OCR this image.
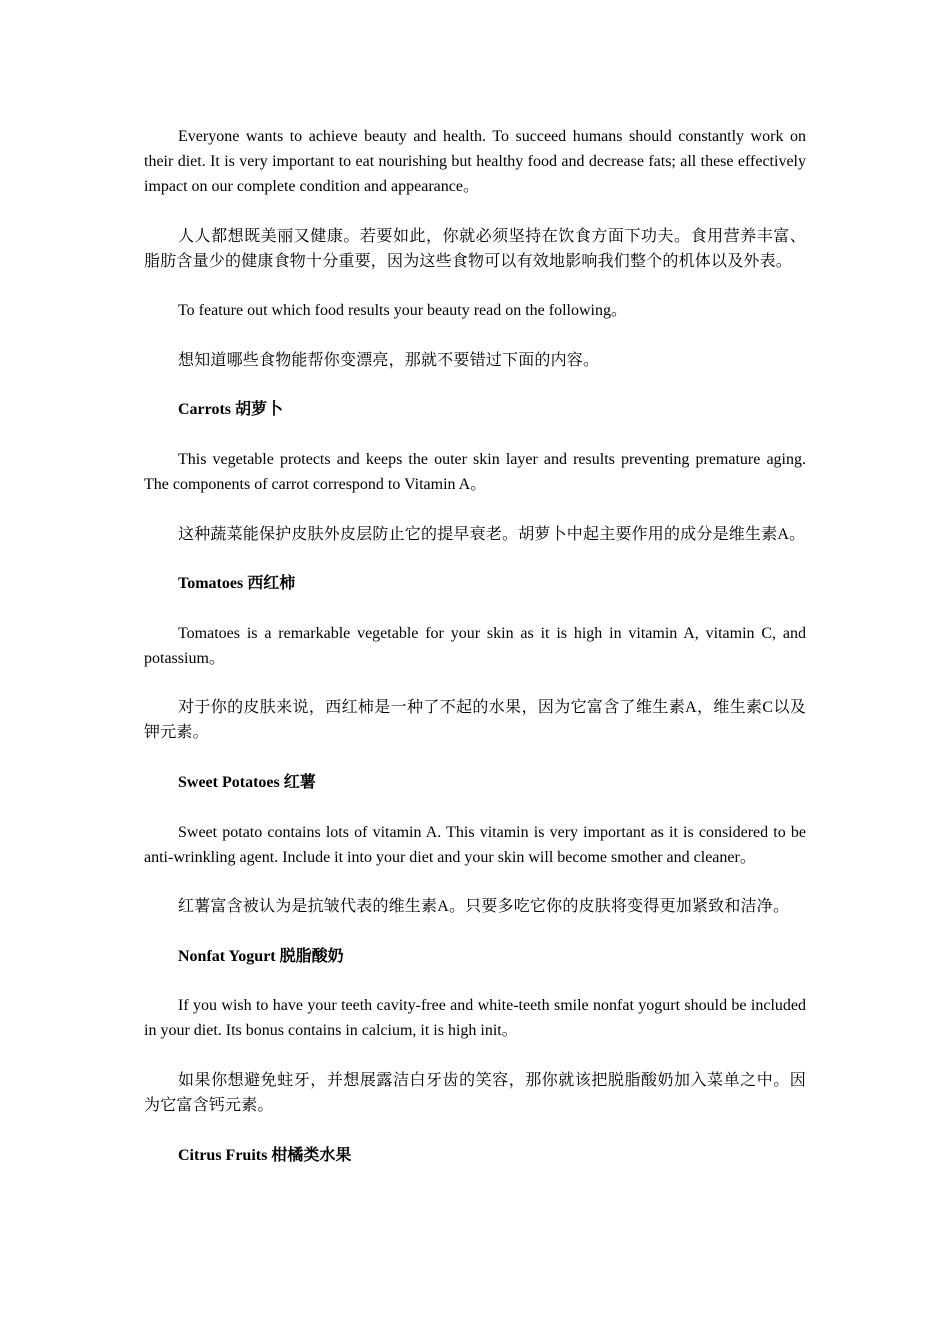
Everyone wants to achieve beauty and health. To succeed humans should constantly work on their diet. It is very important to eat nourishing but healthy food and decrease fats; all these effectively impact on our complete condition and appearance。

人人都想既美丽又健康。若要如此，你就必须坚持在饮食方面下功夫。食用营养丰富、脂肪含量少的健康食物十分重要，因为这些食物可以有效地影响我们整个的机体以及外表。

To feature out which food results your beauty read on the following。

想知道哪些食物能帮你变漂亮，那就不要错过下面的内容。

Carrots 胡萝卜

This vegetable protects and keeps the outer skin layer and results preventing premature aging. The components of carrot correspond to Vitamin A。

这种蔬菜能保护皮肤外皮层防止它的提早衰老。胡萝卜中起主要作用的成分是维生素A。

Tomatoes 西红柿

Tomatoes is a remarkable vegetable for your skin as it is high in vitamin A, vitamin C, and potassium。

对于你的皮肤来说，西红柿是一种了不起的水果，因为它富含了维生素A，维生素C以及钾元素。

Sweet Potatoes 红薯

Sweet potato contains lots of vitamin A. This vitamin is very important as it is considered to be anti-wrinkling agent. Include it into your diet and your skin will become smother and cleaner。

红薯富含被认为是抗皱代表的维生素A。只要多吃它你的皮肤将变得更加紧致和洁净。

Nonfat Yogurt 脱脂酸奶

If you wish to have your teeth cavity-free and white-teeth smile nonfat yogurt should be included in your diet. Its bonus contains in calcium, it is high init。

如果你想避免蛀牙，并想展露洁白牙齿的笑容，那你就该把脱脂酸奶加入菜单之中。因为它富含钙元素。

Citrus Fruits 柑橘类水果
